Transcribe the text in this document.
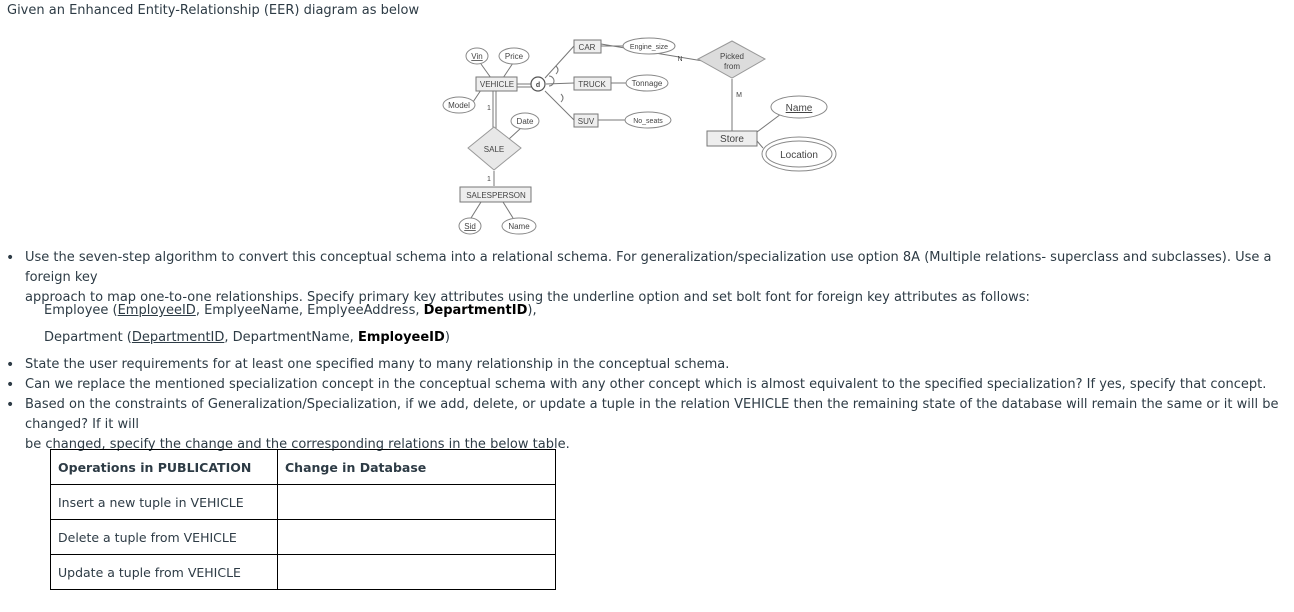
Given an Enhanced Entity-Relationship (EER) diagram as below
Vin	Price
VEHICLE	d
Model 1
Date
SALE
1
SALESPERSON
Sid	Name
CAR	Engine_size
TRUCK	Tonnage
SUV	No_seats
N	Picked
from
M
Store
Name
Location
• Use the seven-step algorithm to convert this conceptual schema into a relational schema. For generalization/specialization use option 8A (Multiple relations- superclass and subclasses). Use a foreign key
approach to map one-to-one relationships. Specify primary key attributes using the underline option and set bolt font for foreign key attributes as follows:
Employee (EmployeeID, EmplyeeName, EmplyeeAddress, DepartmentID),
Department (DepartmentID, DepartmentName, EmployeeID)
• State the user requirements for at least one specified many to many relationship in the conceptual schema.
• Can we replace the mentioned specialization concept in the conceptual schema with any other concept which is almost equivalent to the specified specialization? If yes, specify that concept.
• Based on the constraints of Generalization/Specialization, if we add, delete, or update a tuple in the relation VEHICLE then the remaining state of the database will remain the same or it will be changed? If it will
be changed, specify the change and the corresponding relations in the below table.
Operations in PUBLICATION	Change in Database
Insert a new tuple in VEHICLE	
Delete a tuple from VEHICLE	
Update a tuple from VEHICLE	
